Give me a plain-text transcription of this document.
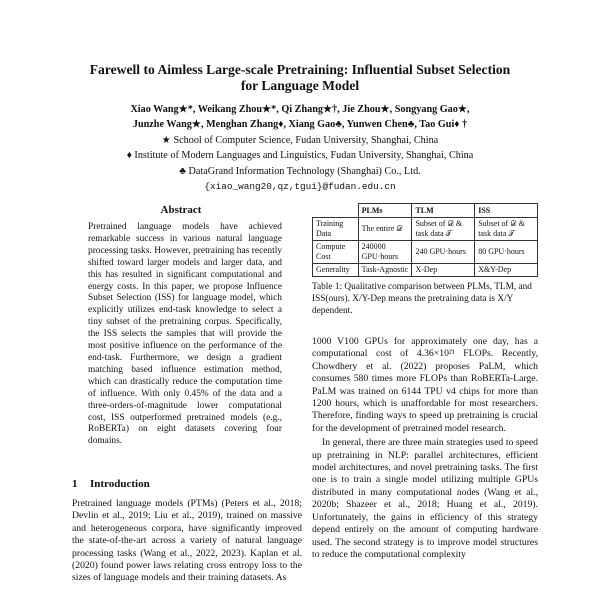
Farewell to Aimless Large-scale Pretraining: Influential Subset Selection
for Language Model
Xiao Wang★*, Weikang Zhou★*, Qi Zhang★†, Jie Zhou★, Songyang Gao★,
Junzhe Wang★, Menghan Zhang♦, Xiang Gao♣, Yunwen Chen♣, Tao Gui♦ †
★ School of Computer Science, Fudan University, Shanghai, China
♦ Institute of Modern Languages and Linguistics, Fudan University, Shanghai, China
♣ DataGrand Information Technology (Shanghai) Co., Ltd.
{xiao_wang20,qz,tgui}@fudan.edu.cn
Abstract

Pretrained language models have achieved remarkable success in various natural language processing tasks. However, pretraining has recently shifted toward larger models and larger data, and this has resulted in significant computational and energy costs. In this paper, we propose Influence Subset Selection (ISS) for language model, which explicitly utilizes end-task knowledge to select a tiny subset of the pretraining corpus. Specifically, the ISS selects the samples that will provide the most positive influence on the performance of the end-task. Furthermore, we design a gradient matching based influence estimation method, which can drastically reduce the computation time of influence. With only 0.45% of the data and a three-orders-of-magnitude lower computational cost, ISS outperformed pretrained models (e.g., RoBERTa) on eight datasets covering four domains.

1 Introduction

Pretrained language models (PTMs) (Peters et al., 2018; Devlin et al., 2019; Liu et al., 2019), trained on massive and heterogeneous corpora, have significantly improved the state-of-the-art across a variety of natural language processing tasks (Wang et al., 2022, 2023). Kaplan et al. (2020) found power laws relating cross entropy loss to the sizes of language models and their training datasets. As

	PLMs	TLM	ISS
Training Data	The entire 𝒟	Subset of 𝒟 & task data 𝒯	Subset of 𝒟 & task data 𝒯
Compute Cost	240000 GPU·hours	240 GPU·hours	80 GPU·hours
Generality	Task-Agnostic	X-Dep	X&Y-Dep
Table 1: Qualitative comparison between PLMs, TLM, and ISS(ours). X/Y-Dep means the pretraining data is X/Y dependent.

1000 V100 GPUs for approximately one day, has a computational cost of 4.36×10²¹ FLOPs. Recently, Chowdhery et al. (2022) proposes PaLM, which consumes 580 times more FLOPs than RoBERTa-Large. PaLM was trained on 6144 TPU v4 chips for more than 1200 hours, which is unaffordable for most researchers. Therefore, finding ways to speed up pretraining is crucial for the development of pretrained model research.

In general, there are three main strategies used to speed up pretraining in NLP: parallel architectures, efficient model architectures, and novel pretraining tasks. The first one is to train a single model utilizing multiple GPUs distributed in many computational nodes (Wang et al., 2020b; Shazeer et al., 2018; Huang et al., 2019). Unfortunately, the gains in efficiency of this strategy depend entirely on the amount of computing hardware used. The second strategy is to improve model structures to reduce the computational complexity
